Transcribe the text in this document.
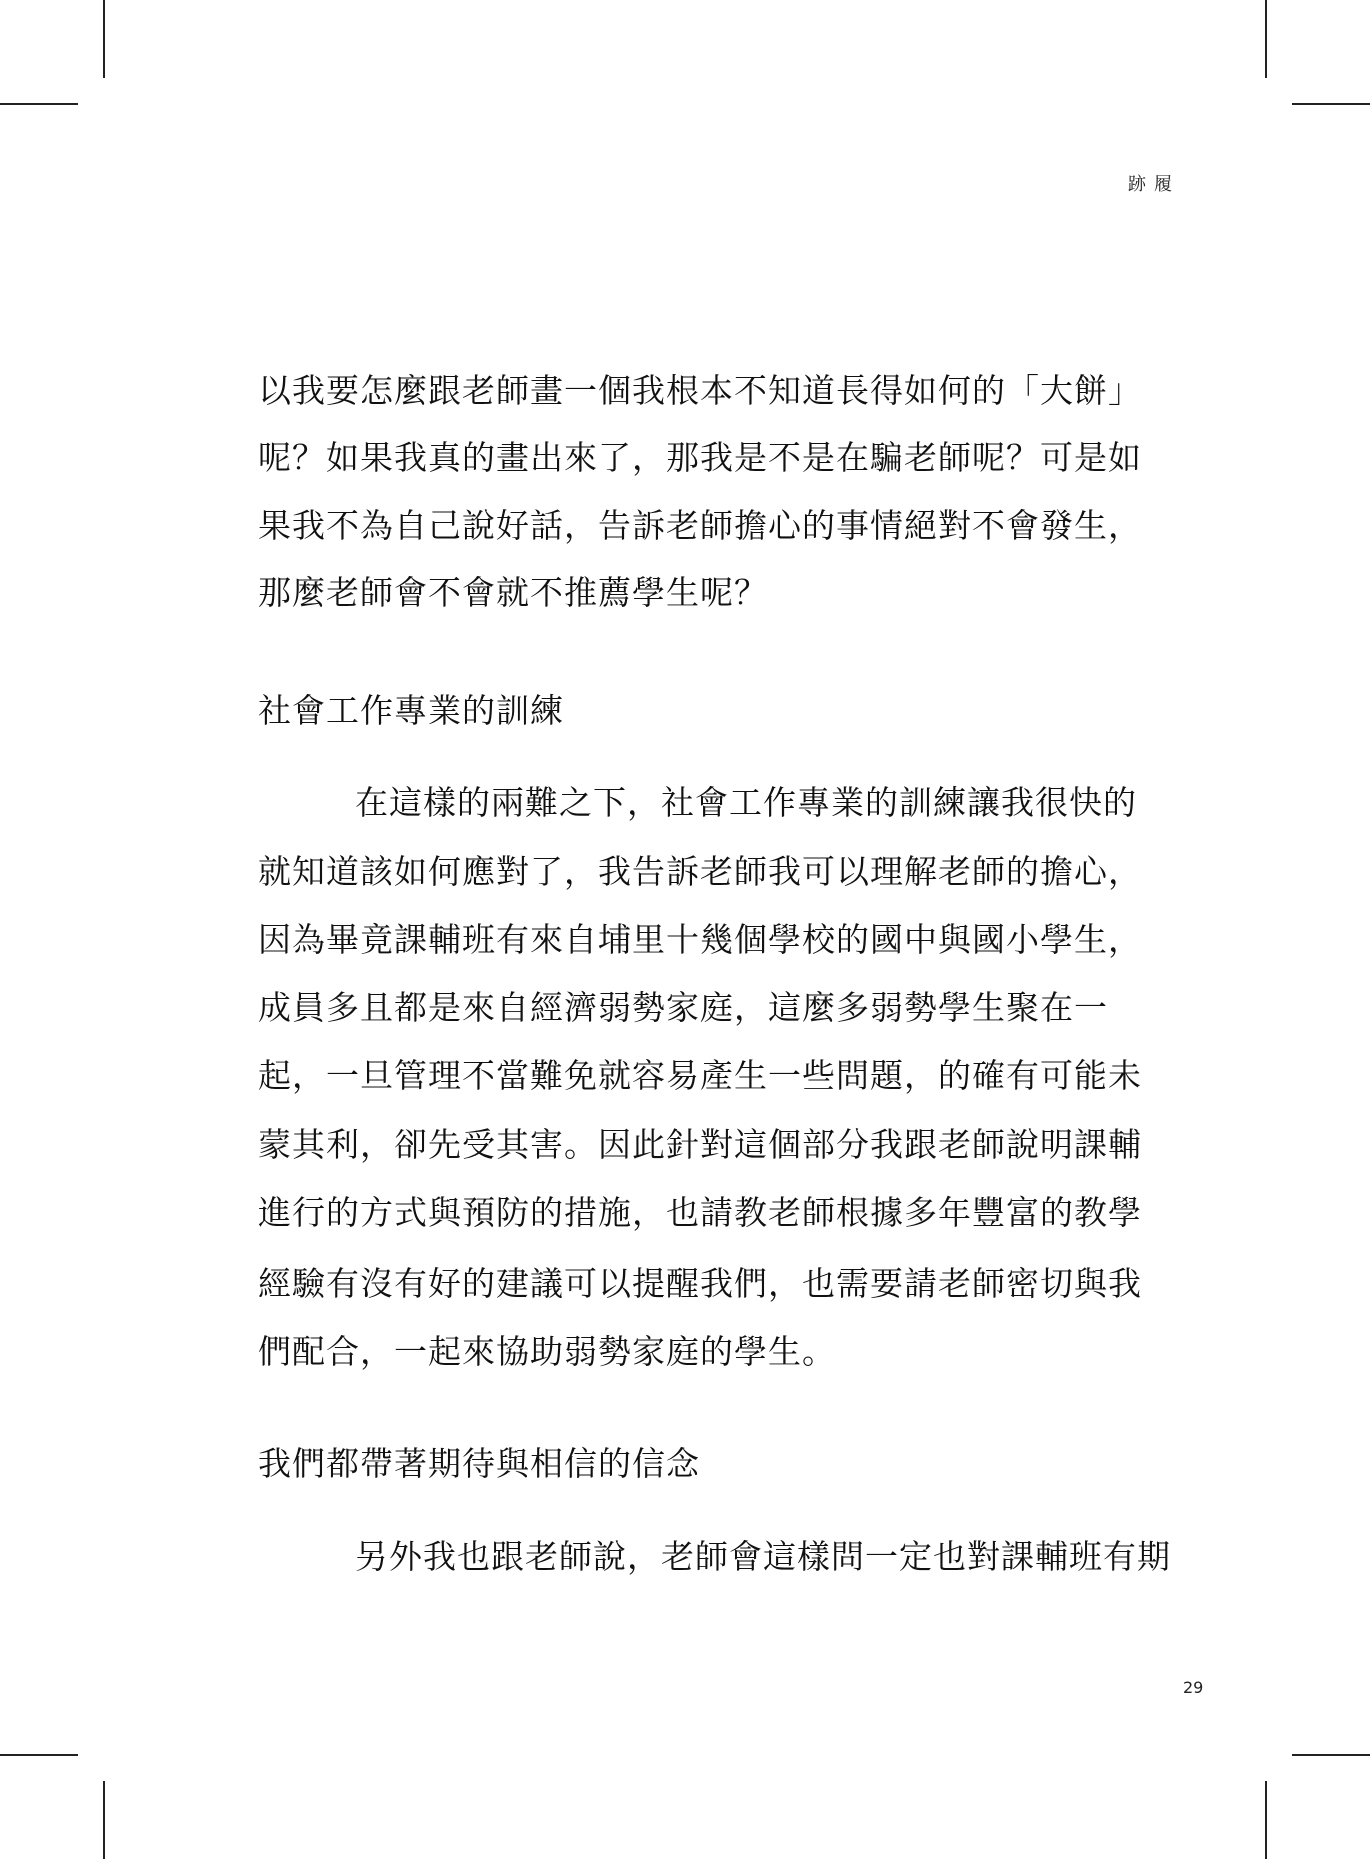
跡履
以我要怎麼跟老師畫一個我根本不知道長得如何的「大餅」
呢？如果我真的畫出來了，那我是不是在騙老師呢？可是如
果我不為自己說好話，告訴老師擔心的事情絕對不會發生，
那麼老師會不會就不推薦學生呢？
社會工作專業的訓練
在這樣的兩難之下，社會工作專業的訓練讓我很快的
就知道該如何應對了，我告訴老師我可以理解老師的擔心，
因為畢竟課輔班有來自埔里十幾個學校的國中與國小學生，
成員多且都是來自經濟弱勢家庭，這麼多弱勢學生聚在一
起，一旦管理不當難免就容易產生一些問題，的確有可能未
蒙其利，卻先受其害。因此針對這個部分我跟老師說明課輔
進行的方式與預防的措施，也請教老師根據多年豐富的教學
經驗有沒有好的建議可以提醒我們，也需要請老師密切與我
們配合，一起來協助弱勢家庭的學生。
我們都帶著期待與相信的信念
另外我也跟老師說，老師會這樣問一定也對課輔班有期
29
